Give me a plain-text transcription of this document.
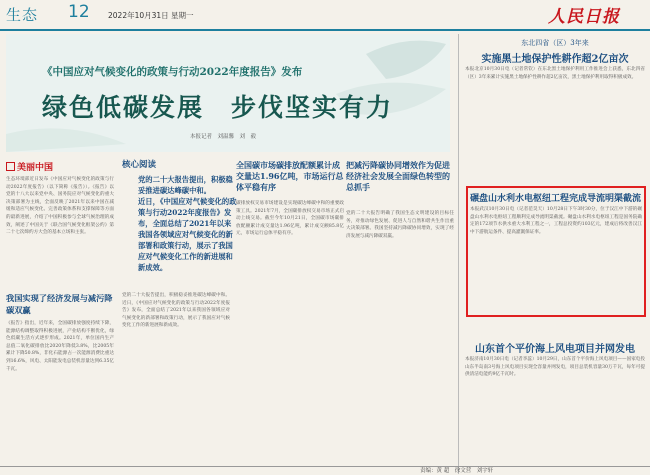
生态 12 2022年10月31日 星期一	人民日报
《中国应对气候变化的政策与行动2022年度报告》发布
绿色低碳发展　步伐坚实有力
本报记者　刘温馨　刘　毅
美丽中国
生态环境部近日发布《中国应对气候变化的政策与行动2022年度报告》（以下简称《报告》）。《报告》以党的十八大以来党中央、国务院应对气候变化的重大决策部署为主线，全面反映了2021年以来中国在减缓和适应气候变化、完善政策体系和支撑保障等方面的最新进展，介绍了中国积极参与全球气候治理的成效，阐述了中国关于《联合国气候变化框架公约》第二十七次缔约方大会的基本立场和主张。
我国实现了经济发展与减污降碳双赢
《报告》指出，近年来，全国碳排放强度持续下降，能源结构调整取得积极进展，产业结构不断优化，绿色低碳生活方式逐步形成。2021年，单位国内生产总值二氧化碳排放比2020年降低3.8%，比2005年累计下降50.8%，非化石能源占一次能源消费比重达到16.6%，风电、太阳能发电总装机容量达到6.35亿千瓦。
核心阅读
党的二十大报告提出，积极稳妥推进碳达峰碳中和。
近日，《中国应对气候变化的政策与行动2022年度报告》发布，全面总结了2021年以来我国各领域应对气候变化的新部署和政策行动，展示了我国应对气候变化工作的新进展和新成效。
党的二十大报告提出，积极稳妥推进碳达峰碳中和。近日，《中国应对气候变化的政策与行动2022年度报告》发布，全面总结了2021年以来我国各领域应对气候变化的新部署和政策行动，展示了我国应对气候变化工作的新进展和新成效。
全国碳市场碳排放配额累计成交量达1.96亿吨，市场运行总体平稳有序
碳排放权交易市场建设是实现碳达峰碳中和的重要政策工具。2021年7月，全国碳排放权交易市场正式启动上线交易。截至今年10月21日，全国碳市场碳排放配额累计成交量达1.96亿吨，累计成交额85.8亿元，市场运行总体平稳有序。
把减污降碳协同增效作为促进经济社会发展全面绿色转型的总抓手
党的二十大报告明确了我国生态文明建设的目标任务，对推动绿色发展、促进人与自然和谐共生作出重大决策部署。我国坚持减污降碳协同增效，实现了经济发展与减污降碳双赢。
东北四省（区）3年来
实施黑土地保护性耕作超2亿亩次
本报北京10月30日电（记者常钦）在东北黑土地保护利用工作推进会上获悉，东北四省（区）3年来累计实施黑土地保护性耕作超2亿亩次，黑土地保护利用取得积极成效。
碾盘山水利水电枢纽工程完成导流明渠截流
本报武汉10月30日电（记者范昊天）10月28日下午3时30分，位于汉江中下游的碾盘山水利水电枢纽工程顺利完成导流明渠截流。碾盘山水利水电枢纽工程是国务院确定的172项节水供水重大水利工程之一，工程总投资约103亿元，建成后将改善汉江中下游航运条件、提高灌溉保证率。
山东首个平价海上风电项目并网发电
本报济南10月30日电（记者李蕊）10月29日，山东首个平价海上风电项目——国家电投山东半岛南3号海上风电项目实现全容量并网发电，项目总装机容量30万千瓦，每年可提供清洁电能约9亿千瓦时。
责编：黄 超　徐文营　刘宇轩
